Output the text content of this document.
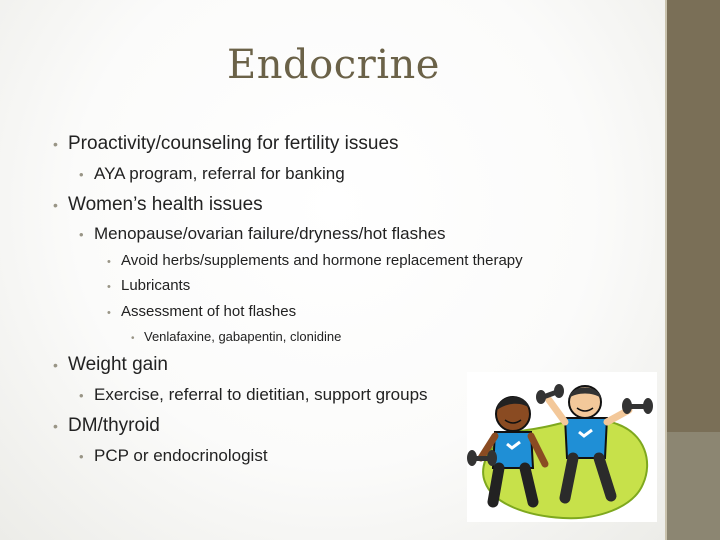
Endocrine
• Proactivity/counseling for fertility issues
• AYA program, referral for banking
• Women’s health issues
• Menopause/ovarian failure/dryness/hot flashes
• Avoid herbs/supplements and hormone replacement therapy
• Lubricants
• Assessment of hot flashes
• Venlafaxine, gabapentin, clonidine
• Weight gain
• Exercise, referral to dietitian, support groups
• DM/thyroid
• PCP or endocrinologist
